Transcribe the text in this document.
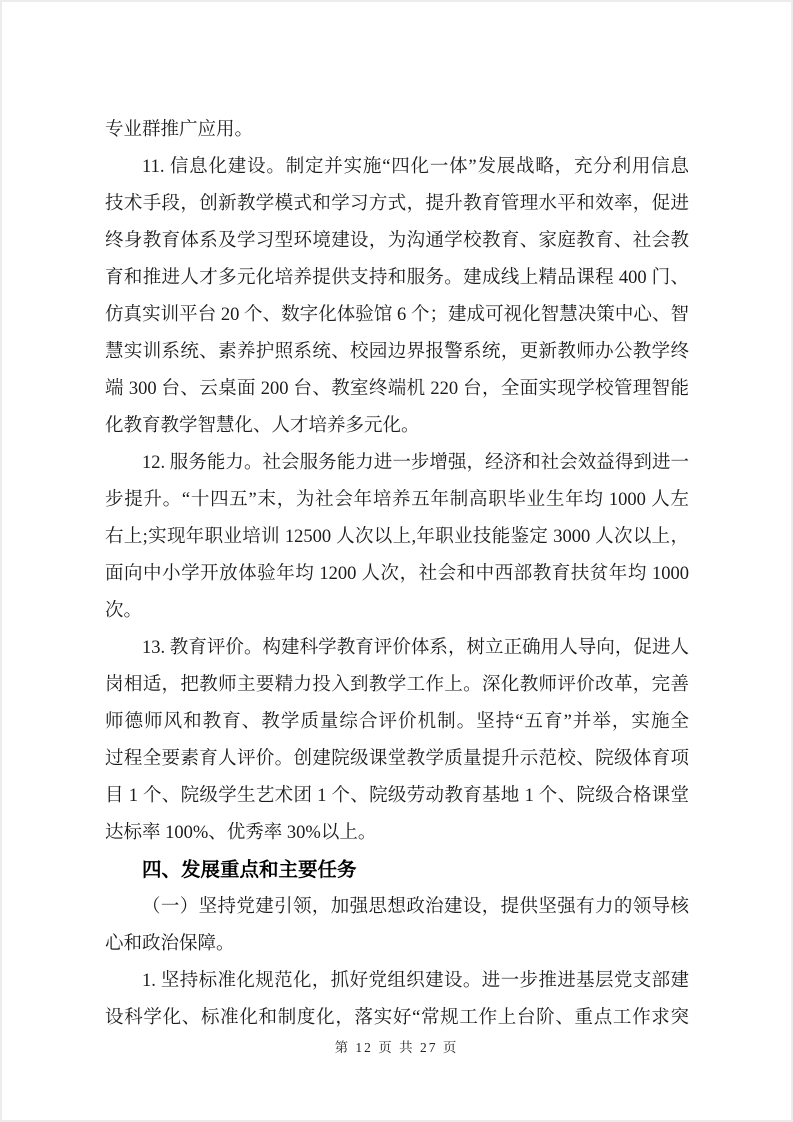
专业群推广应用。
11. 信息化建设。制定并实施“四化一体”发展战略，充分利用信息
技术手段，创新教学模式和学习方式，提升教育管理水平和效率，促进
终身教育体系及学习型环境建设，为沟通学校教育、家庭教育、社会教
育和推进人才多元化培养提供支持和服务。建成线上精品课程 400 门、
仿真实训平台 20 个、数字化体验馆 6 个；建成可视化智慧决策中心、智
慧实训系统、素养护照系统、校园边界报警系统，更新教师办公教学终
端 300 台、云桌面 200 台、教室终端机 220 台，全面实现学校管理智能
化教育教学智慧化、人才培养多元化。
12. 服务能力。社会服务能力进一步增强，经济和社会效益得到进一
步提升。“十四五”末，为社会年培养五年制高职毕业生年均 1000 人左
右上;实现年职业培训 12500 人次以上,年职业技能鉴定 3000 人次以上，
面向中小学开放体验年均 1200 人次，社会和中西部教育扶贫年均 1000
次。
13. 教育评价。构建科学教育评价体系，树立正确用人导向，促进人
岗相适，把教师主要精力投入到教学工作上。深化教师评价改革，完善
师德师风和教育、教学质量综合评价机制。坚持“五育”并举，实施全
过程全要素育人评价。创建院级课堂教学质量提升示范校、院级体育项
目 1 个、院级学生艺术团 1 个、院级劳动教育基地 1 个、院级合格课堂
达标率 100%、优秀率 30%以上。
四、发展重点和主要任务
（一）坚持党建引领，加强思想政治建设，提供坚强有力的领导核
心和政治保障。
1. 坚持标准化规范化，抓好党组织建设。进一步推进基层党支部建
设科学化、标准化和制度化，落实好“常规工作上台阶、重点工作求突
第 12 页 共 27 页
